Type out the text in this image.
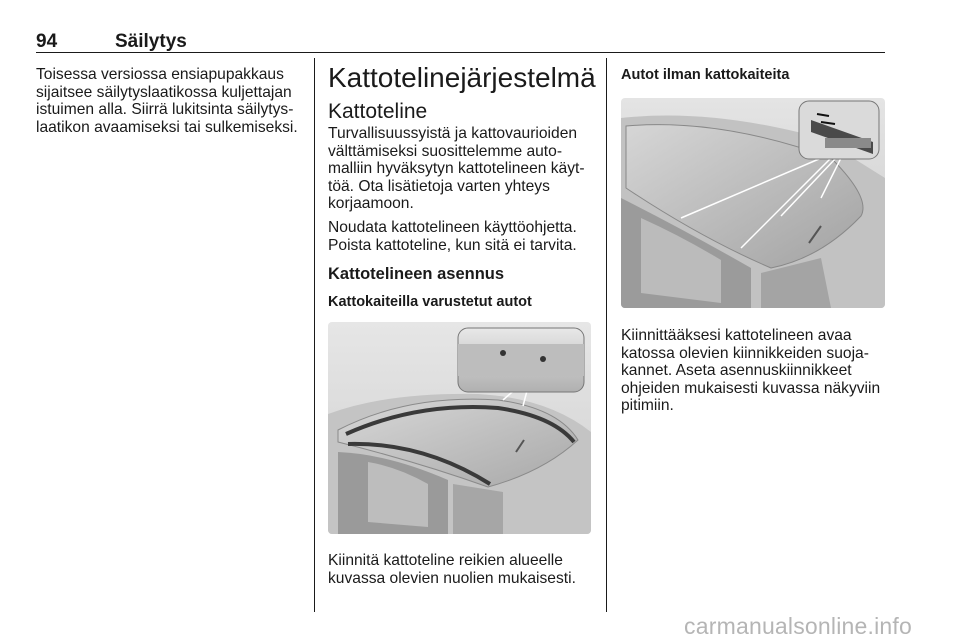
94	Säilytys

Toisessa versiossa ensiapupakkaus sijaitsee säilytyslaatikossa kuljettajan istuimen alla. Siirrä lukitsinta säilytyslaatikon avaamiseksi tai sulkemiseksi.

Kattotelinejärjestelmä
Kattoteline

Turvallisuussyistä ja kattovaurioiden välttämiseksi suosittelemme automalliin hyväksytyn kattotelineen käyttöä. Ota lisätietoja varten yhteys korjaamoon.

Noudata kattotelineen käyttöohjetta. Poista kattoteline, kun sitä ei tarvita.

Kattotelineen asennus
Kattokaiteilla varustetut autot

Kiinnitä kattoteline reikien alueelle kuvassa olevien nuolien mukaisesti.

Autot ilman kattokaiteita

Kiinnittääksesi kattotelineen avaa katossa olevien kiinnikkeiden suojakannet. Aseta asennuskiinnikkeet ohjeiden mukaisesti kuvassa näkyviin pitimiin.

carmanualsonline.info
